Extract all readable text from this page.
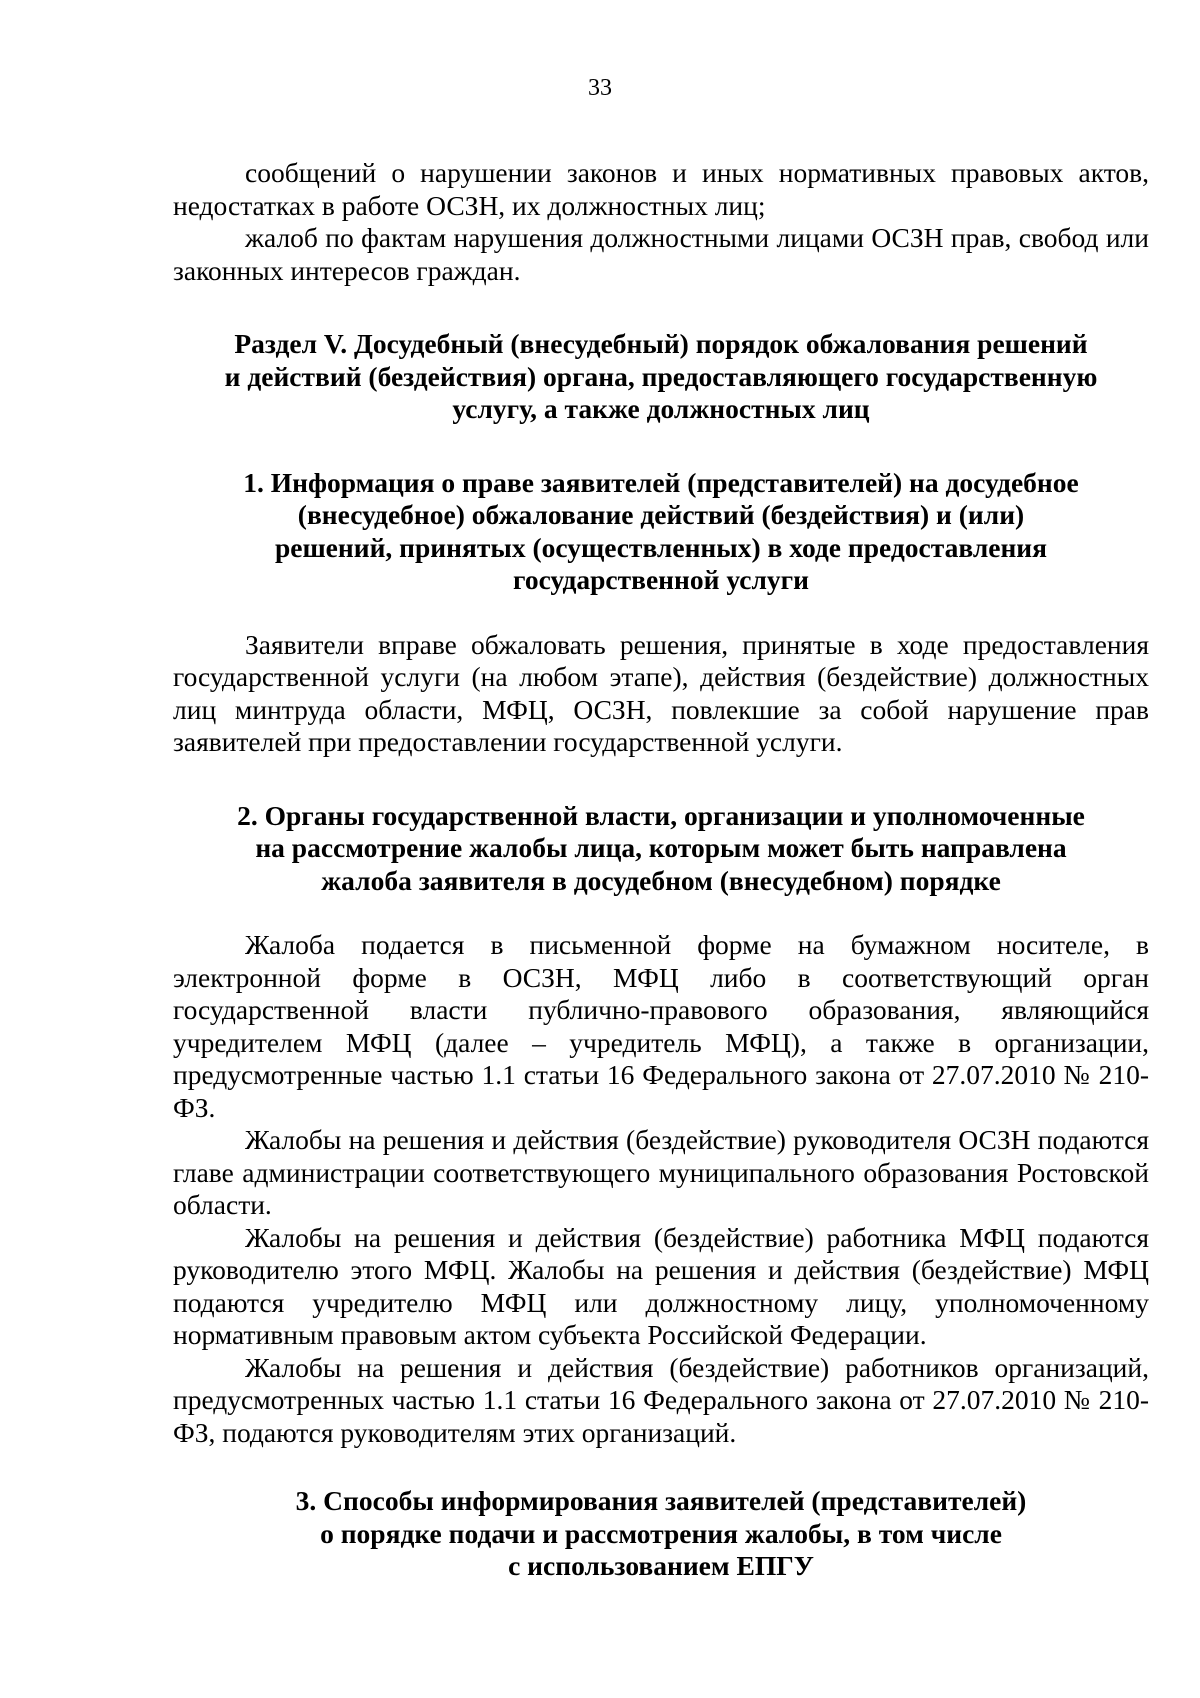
33

сообщений о нарушении законов и иных нормативных правовых актов, недостатках в работе ОСЗН, их должностных лиц;

жалоб по фактам нарушения должностными лицами ОСЗН прав, свобод или законных интересов граждан.

Раздел V. Досудебный (внесудебный) порядок обжалования решений
и действий (бездействия) органа, предоставляющего государственную
услугу, а также должностных лиц
1. Информация о праве заявителей (представителей) на досудебное
(внесудебное) обжалование действий (бездействия) и (или)
решений, принятых (осуществленных) в ходе предоставления
государственной услуги

Заявители вправе обжаловать решения, принятые в ходе предоставления государственной услуги (на любом этапе), действия (бездействие) должностных лиц минтруда области, МФЦ, ОСЗН, повлекшие за собой нарушение прав заявителей при предоставлении государственной услуги.

2. Органы государственной власти, организации и уполномоченные
на рассмотрение жалобы лица, которым может быть направлена
жалоба заявителя в досудебном (внесудебном) порядке

Жалоба подается в письменной форме на бумажном носителе, в электронной форме в ОСЗН, МФЦ либо в соответствующий орган государственной власти публично-правового образования, являющийся учредителем МФЦ (далее – учредитель МФЦ), а также в организации, предусмотренные частью 1.1 статьи 16 Федерального закона от 27.07.2010 № 210-ФЗ.

Жалобы на решения и действия (бездействие) руководителя ОСЗН подаются главе администрации соответствующего муниципального образования Ростовской области.

Жалобы на решения и действия (бездействие) работника МФЦ подаются руководителю этого МФЦ. Жалобы на решения и действия (бездействие) МФЦ подаются учредителю МФЦ или должностному лицу, уполномоченному нормативным правовым актом субъекта Российской Федерации.

Жалобы на решения и действия (бездействие) работников организаций, предусмотренных частью 1.1 статьи 16 Федерального закона от 27.07.2010 № 210-ФЗ, подаются руководителям этих организаций.

3. Способы информирования заявителей (представителей)
о порядке подачи и рассмотрения жалобы, в том числе
с использованием ЕПГУ
